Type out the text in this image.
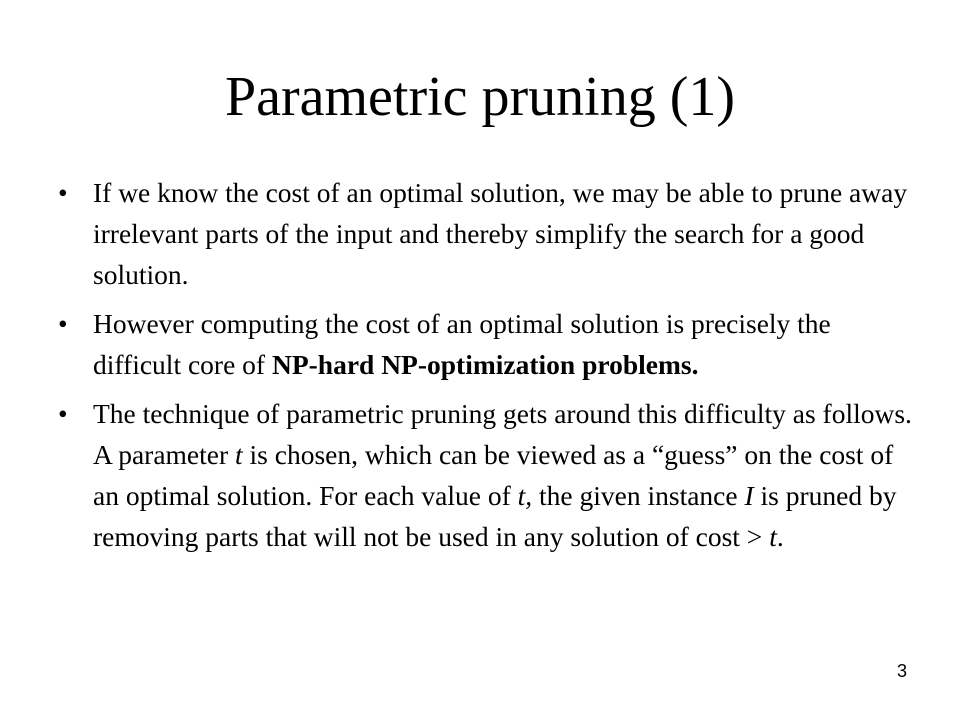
Parametric pruning (1)
• If we know the cost of an optimal solution, we may be able to prune away irrelevant parts of the input and thereby simplify the search for a good solution.
• However computing the cost of an optimal solution is precisely the difficult core of NP-hard NP-optimization problems.
• The technique of parametric pruning gets around this difficulty as follows. A parameter t is chosen, which can be viewed as a “guess” on the cost of an optimal solution. For each value of t, the given instance I is pruned by removing parts that will not be used in any solution of cost > t.
3
